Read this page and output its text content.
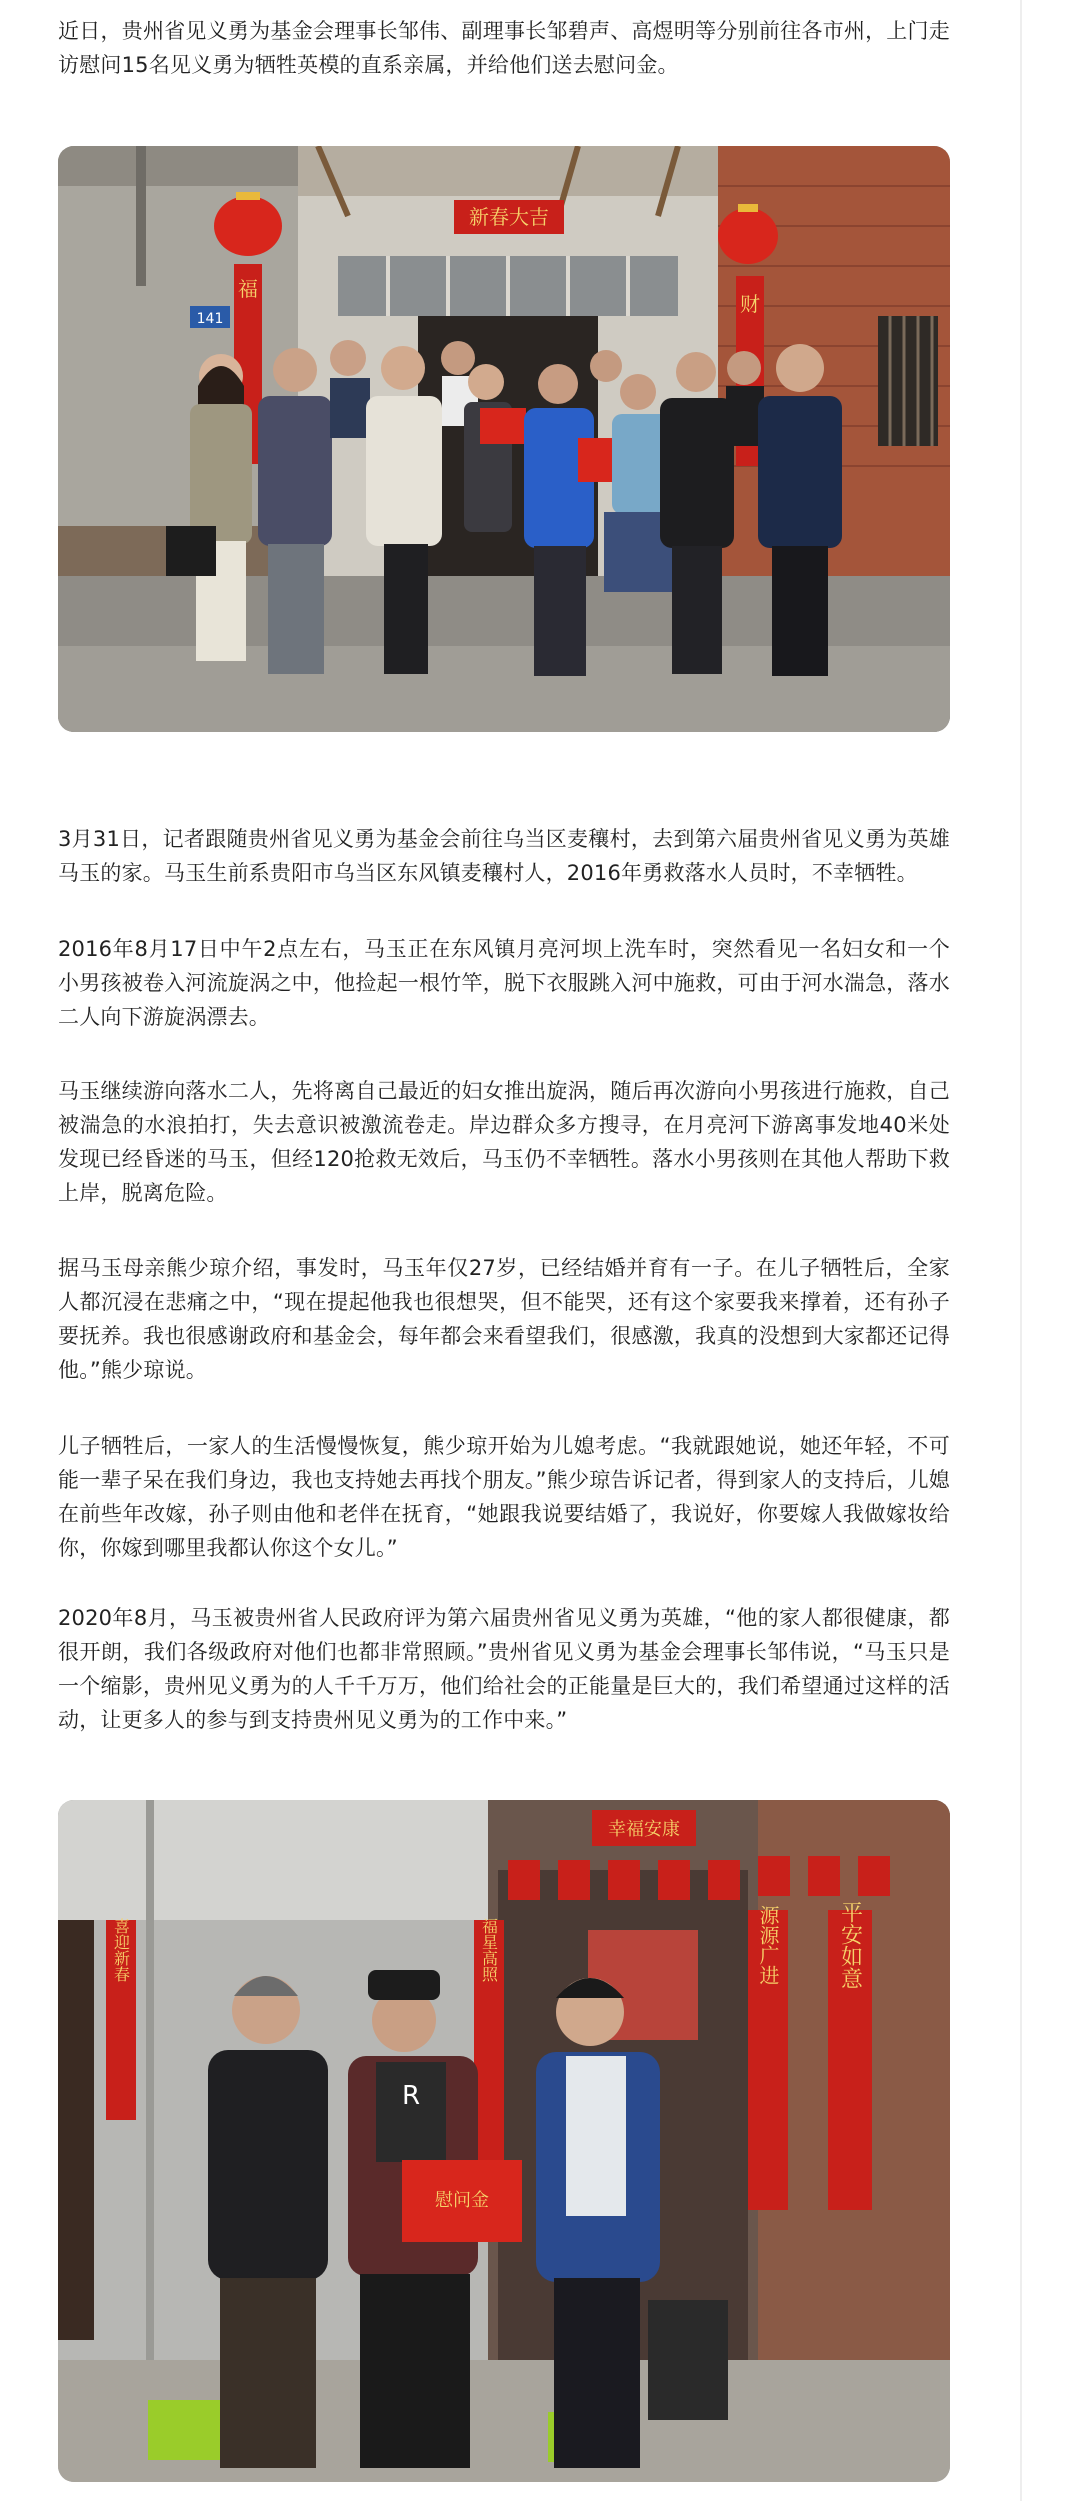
近日，贵州省见义勇为基金会理事长邹伟、副理事长邹碧声、高煜明等分别前往各市州，上门走访慰问15名见义勇为牺牲英模的直系亲属，并给他们送去慰问金。

新春大吉
福
财
141

3月31日，记者跟随贵州省见义勇为基金会前往乌当区麦穰村，去到第六届贵州省见义勇为英雄马玉的家。马玉生前系贵阳市乌当区东风镇麦穰村人，2016年勇救落水人员时，不幸牺牲。

2016年8月17日中午2点左右，马玉正在东风镇月亮河坝上洗车时，突然看见一名妇女和一个小男孩被卷入河流旋涡之中，他捡起一根竹竿，脱下衣服跳入河中施救，可由于河水湍急，落水二人向下游旋涡漂去。

马玉继续游向落水二人，先将离自己最近的妇女推出旋涡，随后再次游向小男孩进行施救，自己被湍急的水浪拍打，失去意识被激流卷走。岸边群众多方搜寻，在月亮河下游离事发地40米处发现已经昏迷的马玉，但经120抢救无效后，马玉仍不幸牺牲。落水小男孩则在其他人帮助下救上岸，脱离危险。

据马玉母亲熊少琼介绍，事发时，马玉年仅27岁，已经结婚并育有一子。在儿子牺牲后，全家人都沉浸在悲痛之中，“现在提起他我也很想哭，但不能哭，还有这个家要我来撑着，还有孙子要抚养。我也很感谢政府和基金会，每年都会来看望我们，很感激，我真的没想到大家都还记得他。”熊少琼说。

儿子牺牲后，一家人的生活慢慢恢复，熊少琼开始为儿媳考虑。“我就跟她说，她还年轻，不可能一辈子呆在我们身边，我也支持她去再找个朋友。”熊少琼告诉记者，得到家人的支持后，儿媳在前些年改嫁，孙子则由他和老伴在抚育，“她跟我说要结婚了，我说好，你要嫁人我做嫁妆给你，你嫁到哪里我都认你这个女儿。”

2020年8月，马玉被贵州省人民政府评为第六届贵州省见义勇为英雄，“他的家人都很健康，都很开朗，我们各级政府对他们也都非常照顾。”贵州省见义勇为基金会理事长邹伟说，“马玉只是一个缩影，贵州见义勇为的人千千万万，他们给社会的正能量是巨大的，我们希望通过这样的活动，让更多人的参与到支持贵州见义勇为的工作中来。”

喜迎新春
幸福安康
福星高照	源源广进	平安如意
R
慰问金
